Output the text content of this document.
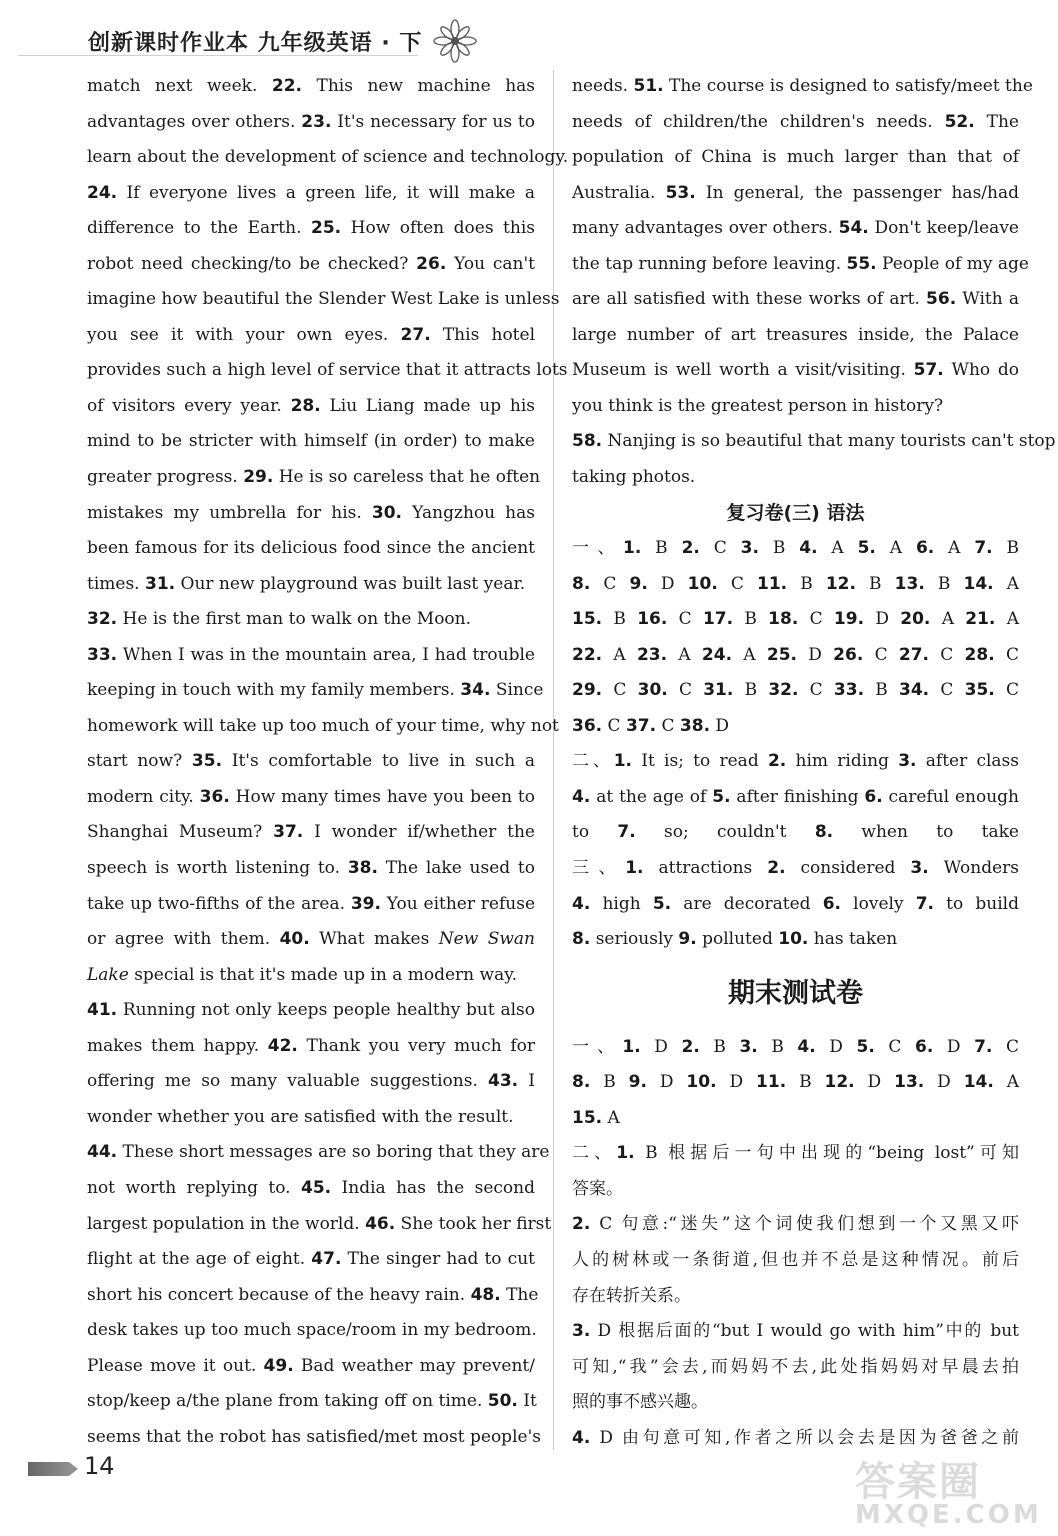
创新课时作业本 九年级英语 · 下
match next week. 22. This new machine has
advantages over others. 23. It's necessary for us to
learn about the development of science and technology.
24. If everyone lives a green life, it will make a
difference to the Earth. 25. How often does this
robot need checking/to be checked? 26. You can't
imagine how beautiful the Slender West Lake is unless
you see it with your own eyes. 27. This hotel
provides such a high level of service that it attracts lots
of visitors every year. 28. Liu Liang made up his
mind to be stricter with himself (in order) to make
greater progress. 29. He is so careless that he often
mistakes my umbrella for his. 30. Yangzhou has
been famous for its delicious food since the ancient
times. 31. Our new playground was built last year.
32. He is the first man to walk on the Moon.
33. When I was in the mountain area, I had trouble
keeping in touch with my family members. 34. Since
homework will take up too much of your time, why not
start now? 35. It's comfortable to live in such a
modern city. 36. How many times have you been to
Shanghai Museum? 37. I wonder if/whether the
speech is worth listening to. 38. The lake used to
take up two-fifths of the area. 39. You either refuse
or agree with them. 40. What makes New Swan
Lake special is that it's made up in a modern way.
41. Running not only keeps people healthy but also
makes them happy. 42. Thank you very much for
offering me so many valuable suggestions. 43. I
wonder whether you are satisfied with the result.
44. These short messages are so boring that they are
not worth replying to. 45. India has the second
largest population in the world. 46. She took her first
flight at the age of eight. 47. The singer had to cut
short his concert because of the heavy rain. 48. The
desk takes up too much space/room in my bedroom.
Please move it out. 49. Bad weather may prevent/
stop/keep a/the plane from taking off on time. 50. It
seems that the robot has satisfied/met most people's
needs. 51. The course is designed to satisfy/meet the
needs of children/the children's needs. 52. The
population of China is much larger than that of
Australia. 53. In general, the passenger has/had
many advantages over others. 54. Don't keep/leave
the tap running before leaving. 55. People of my age
are all satisfied with these works of art. 56. With a
large number of art treasures inside, the Palace
Museum is well worth a visit/visiting. 57. Who do
you think is the greatest person in history?
58. Nanjing is so beautiful that many tourists can't stop
taking photos.
复习卷(三) 语法
一、1. B 2. C 3. B 4. A 5. A 6. A 7. B
8. C 9. D 10. C 11. B 12. B 13. B 14. A
15. B 16. C 17. B 18. C 19. D 20. A 21. A
22. A 23. A 24. A 25. D 26. C 27. C 28. C
29. C 30. C 31. B 32. C 33. B 34. C 35. C
36. C 37. C 38. D
二、1. It is; to read 2. him riding 3. after class
4. at the age of 5. after finishing 6. careful enough
to 7. so; couldn't 8. when to take
三、1. attractions 2. considered 3. Wonders
4. high 5. are decorated 6. lovely 7. to build
8. seriously 9. polluted 10. has taken
期末测试卷
一、1. D 2. B 3. B 4. D 5. C 6. D 7. C
8. B 9. D 10. D 11. B 12. D 13. D 14. A
15. A
二、1. B 根据后一句中出现的“being lost”可知
答案。
2. C 句意:“迷失”这个词使我们想到一个又黑又吓
人的树林或一条街道,但也并不总是这种情况。前后
存在转折关系。
3. D 根据后面的“but I would go with him”中的 but
可知,“我”会去,而妈妈不去,此处指妈妈对早晨去拍
照的事不感兴趣。
4. D 由句意可知,作者之所以会去是因为爸爸之前
14	答案圈
MXQE.COM
